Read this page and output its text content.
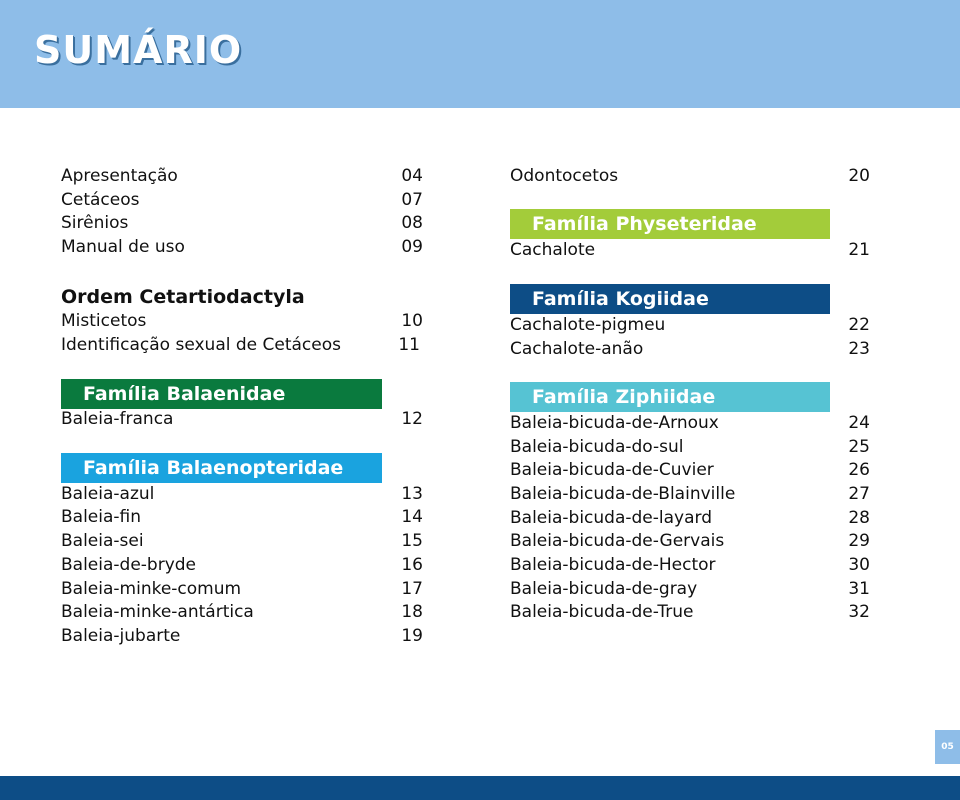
SUMÁRIO
Apresentação	04
Cetáceos	07
Sirênios	08
Manual de uso	09
Ordem Cetartiodactyla
Misticetos	10
Identificação sexual de Cetáceos	11
Família Balaenidae
Baleia-franca	12
Família Balaenopteridae
Baleia-azul	13
Baleia-fin	14
Baleia-sei	15
Baleia-de-bryde	16
Baleia-minke-comum	17
Baleia-minke-antártica	18
Baleia-jubarte	19
Odontocetos	20
Família Physeteridae
Cachalote	21
Família Kogiidae
Cachalote-pigmeu	22
Cachalote-anão	23
Família Ziphiidae
Baleia-bicuda-de-Arnoux	24
Baleia-bicuda-do-sul	25
Baleia-bicuda-de-Cuvier	26
Baleia-bicuda-de-Blainville	27
Baleia-bicuda-de-layard	28
Baleia-bicuda-de-Gervais	29
Baleia-bicuda-de-Hector	30
Baleia-bicuda-de-gray	31
Baleia-bicuda-de-True	32
05
